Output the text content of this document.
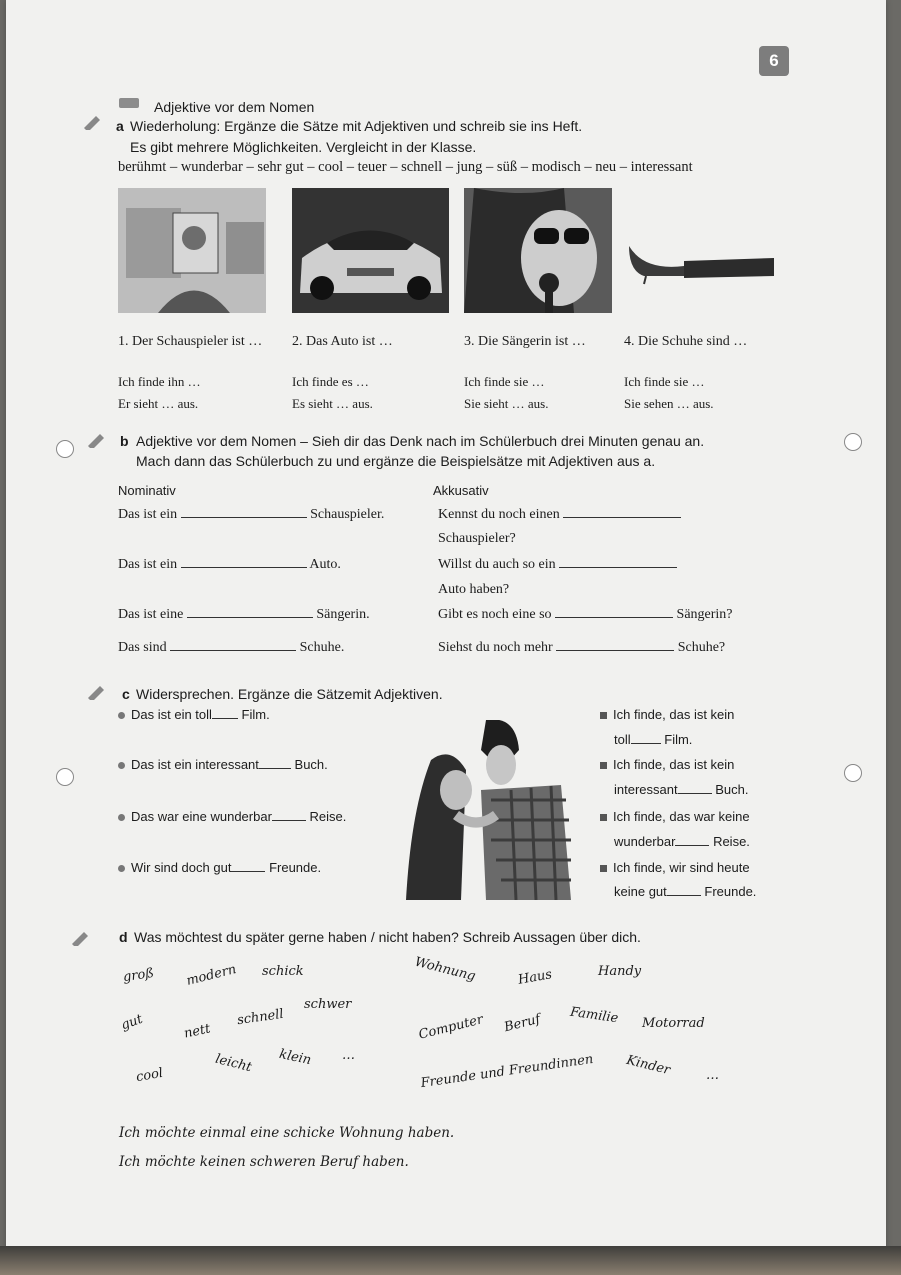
6
Adjektive vor dem Nomen
a Wiederholung: Ergänze die Sätze mit Adjektiven und schreib sie ins Heft.
Es gibt mehrere Möglichkeiten. Vergleicht in der Klasse.
berühmt – wunderbar – sehr gut – cool – teuer – schnell – jung – süß – modisch – neu – interessant
1. Der Schauspieler ist … 2. Das Auto ist …	3. Die Sängerin ist …	4. Die Schuhe sind …
Ich finde ihn …	Ich finde es …	Ich finde sie …	Ich finde sie …
Er sieht … aus.	Es sieht … aus.	Sie sieht … aus.	Sie sehen … aus.
b Adjektive vor dem Nomen – Sieh dir das Denk nach im Schülerbuch drei Minuten genau an.
Mach dann das Schülerbuch zu und ergänze die Beispielsätze mit Adjektiven aus a.
Nominativ	Akkusativ
Das ist ein	Schauspieler.	Kennst du noch einen
Schauspieler?
Das ist ein	Auto.	Willst du auch so ein
Auto haben?
Das ist eine	Sängerin.	Gibt es noch eine so	Sängerin?
Das sind	Schuhe.	Siehst du noch mehr	Schuhe?
c Widersprechen. Ergänze die Sätzemit Adjektiven.
Das ist ein toll Film.
Das ist ein interessant	Buch.
Das war eine wunderbar	Reise.
Wir sind doch gut	Freunde.
Ich finde, das ist kein
toll	Film.
Ich finde, das ist kein
interessant	Buch.
Ich finde, das war keine
wunderbar	Reise.
Ich finde, wir sind heute
keine gut	Freunde.
d Was möchtest du später gerne haben / nicht haben? Schreib Aussagen über dich.
groß modern schick	Wohnung	Haus	Handy
schwer
schnell
gut	nett	Computer Beruf Familie Motorrad
leicht klein …
cool	Freunde und Freundinnen Kinder	…
Ich möchte einmal eine schicke Wohnung haben.
Ich möchte keinen schweren Beruf haben.
